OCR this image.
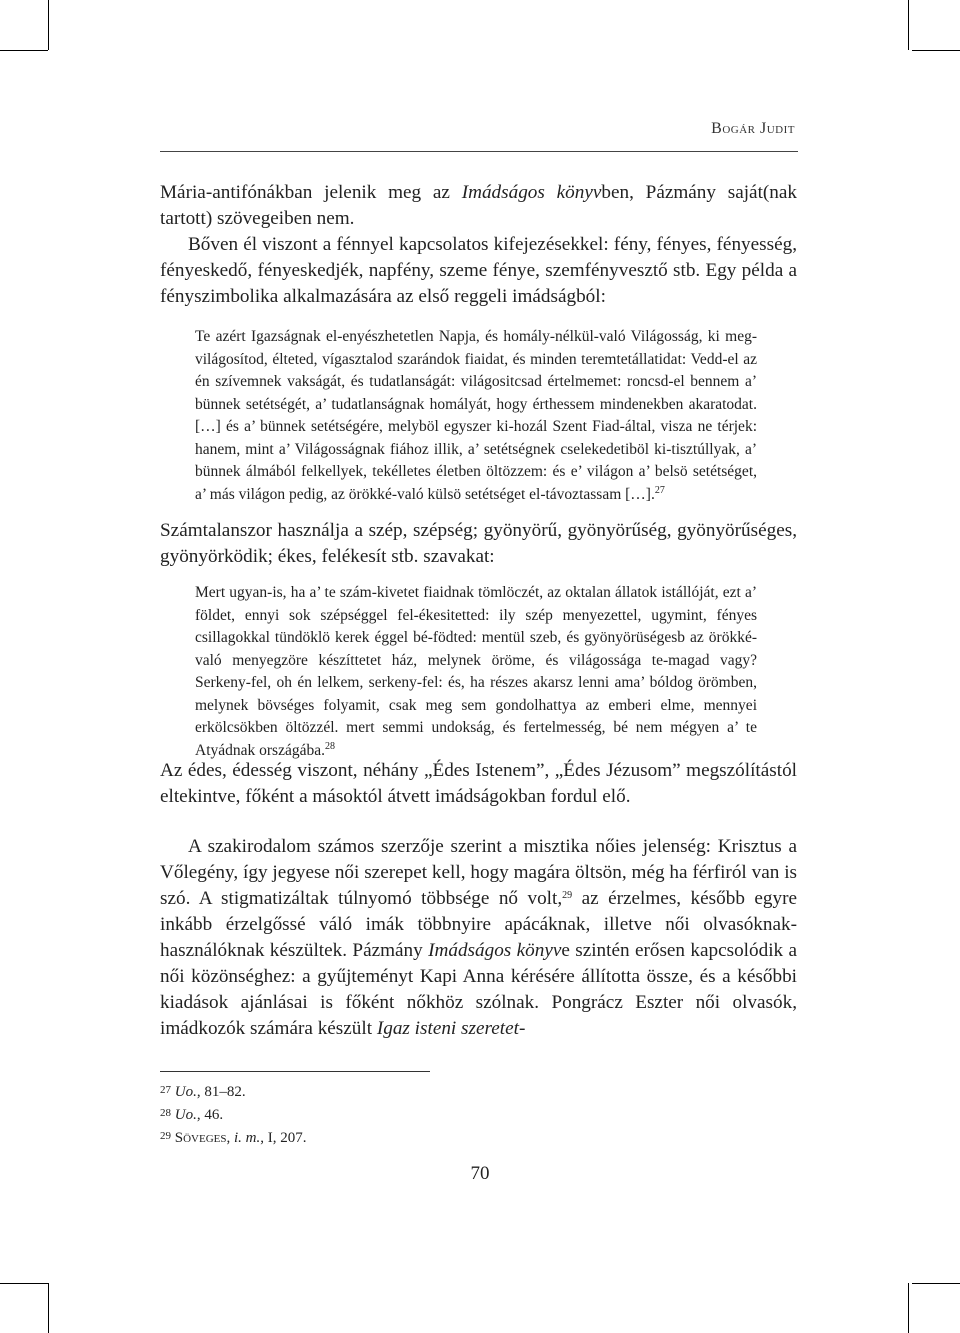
Bogár Judit

Mária-antifónákban jelenik meg az Imádságos könyvben, Pázmány saját(nak tartott) szövegeiben nem.

Bőven él viszont a fénnyel kapcsolatos kifejezésekkel: fény, fényes, fényesség, fényeskedő, fényeskedjék, napfény, szeme fénye, szemfényvesztő stb. Egy példa a fényszimbolika alkalmazására az első reggeli imádságból:

Te azért Igazságnak el-enyészhetetlen Napja, és homály-nélkül-való Világosság, ki meg-világosítod, élteted, vígasztalod szarándok fiaidat, és minden teremtetállatidat: Vedd-el az én szívemnek vakságát, és tudatlanságát: világositcsad értelmemet: roncsd-el bennem a’ bünnek setétségét, a’ tudatlanságnak homályát, hogy érthessem mindenekben akaratodat. […] és a’ bünnek setétségére, melyböl egyszer ki-hozál Szent Fiad-által, visza ne térjek: hanem, mint a’ Világosságnak fiához illik, a’ setétségnek cselekedetiböl ki-tisztúllyak, a’ bünnek álmából felkellyek, tekélletes életben öltözzem: és e’ világon a’ belsö setétséget, a’ más világon pedig, az örökké-való külsö setétséget el-távoztassam […].$^{27}$

Számtalanszor használja a szép, szépség; gyönyörű, gyönyörűség, gyönyörűséges, gyönyörködik; ékes, felékesít stb. szavakat:

Mert ugyan-is, ha a’ te szám-kivetet fiaidnak tömlöczét, az oktalan állatok istállóját, ezt a’ földet, ennyi sok szépséggel fel-ékesitetted: ily szép menyezettel, ugymint, fényes csillagokkal tündöklö kerek éggel bé-födted: mentül szeb, és gyönyörüségesb az örökké-való menyegzöre készíttetet ház, melynek öröme, és világossága te-magad vagy? Serkeny-fel, oh én lelkem, serkeny-fel: és, ha részes akarsz lenni ama’ bóldog örömben, melynek bövséges folyamit, csak meg sem gondolhattya az emberi elme, mennyei erkölcsökben öltözzél. mert semmi undokság, és fertelmesség, bé nem mégyen a’ te Atyádnak országába.$^{28}$

Az édes, édesség viszont, néhány „Édes Istenem”, „Édes Jézusom” megszólítástól eltekintve, főként a másoktól átvett imádságokban fordul elő.

A szakirodalom számos szerzője szerint a misztika nőies jelenség: Krisztus a Vőlegény, így jegyese női szerepet kell, hogy magára öltsön, még ha férfiról van is szó. A stigmatizáltak túlnyomó többsége nő volt,$^{29}$ az érzelmes, később egyre inkább érzelgőssé váló imák többnyire apácáknak, illetve női olvasóknak-használóknak készültek. Pázmány Imádságos könyve szintén erősen kapcsolódik a női közönséghez: a gyűjteményt Kapi Anna kérésére állította össze, és a későbbi kiadások ajánlásai is főként nőkhöz szólnak. Pongrácz Eszter női olvasók, imádkozók számára készült Igaz isteni szeretet-

$^{27}$ Uo., 81–82.
$^{28}$ Uo., 46.
$^{29}$ Söveges, i. m., I, 207.
70
